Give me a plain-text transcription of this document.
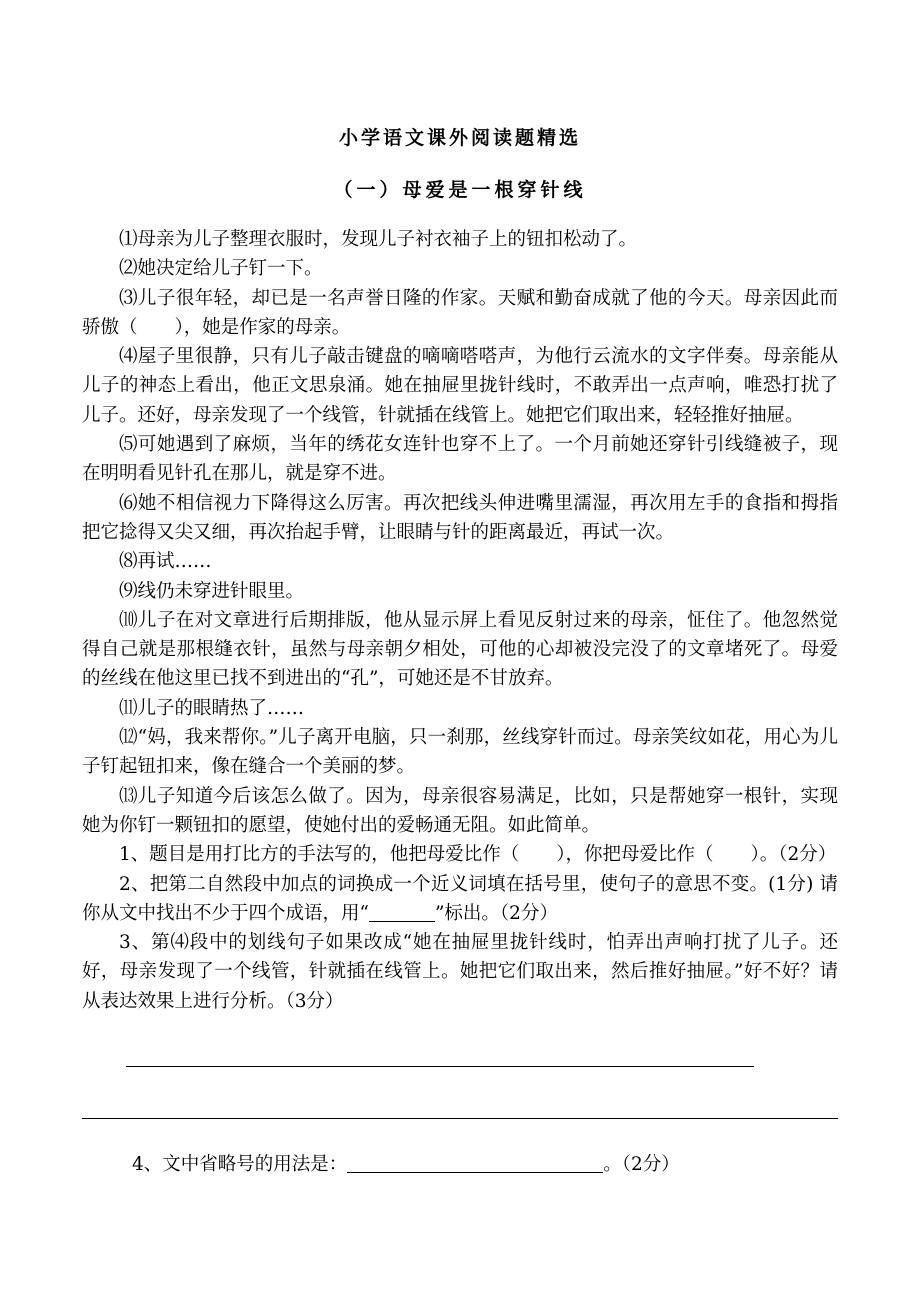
小学语文课外阅读题精选
（一）母爱是一根穿针线

⑴母亲为儿子整理衣服时，发现儿子衬衣袖子上的钮扣松动了。

⑵她决定给儿子钉一下。

⑶儿子很年轻，却已是一名声誉日隆的作家。天赋和勤奋成就了他的今天。母亲因此而骄傲（　　），她是作家的母亲。

⑷屋子里很静，只有儿子敲击键盘的嘀嘀嗒嗒声，为他行云流水的文字伴奏。母亲能从儿子的神态上看出，他正文思泉涌。她在抽屉里拢针线时，不敢弄出一点声响，唯恐打扰了儿子。还好，母亲发现了一个线管，针就插在线管上。她把它们取出来，轻轻推好抽屉。

⑸可她遇到了麻烦，当年的绣花女连针也穿不上了。一个月前她还穿针引线缝被子，现在明明看见针孔在那儿，就是穿不进。

⑹她不相信视力下降得这么厉害。再次把线头伸进嘴里濡湿，再次用左手的食指和拇指把它捻得又尖又细，再次抬起手臂，让眼睛与针的距离最近，再试一次。

⑻再试……

⑼线仍未穿进针眼里。

⑽儿子在对文章进行后期排版，他从显示屏上看见反射过来的母亲，怔住了。他忽然觉得自己就是那根缝衣针，虽然与母亲朝夕相处，可他的心却被没完没了的文章堵死了。母爱的丝线在他这里已找不到进出的“孔”，可她还是不甘放弃。

⑾儿子的眼睛热了……

⑿“妈，我来帮你。”儿子离开电脑，只一刹那，丝线穿针而过。母亲笑纹如花，用心为儿子钉起钮扣来，像在缝合一个美丽的梦。

⒀儿子知道今后该怎么做了。因为，母亲很容易满足，比如，只是帮她穿一根针，实现她为你钉一颗钮扣的愿望，使她付出的爱畅通无阻。如此简单。

1、题目是用打比方的手法写的，他把母爱比作（　　），你把母爱比作（　　）。（2分）

2、把第二自然段中加点的词换成一个近义词填在括号里，使句子的意思不变。(1分) 请你从文中找出不少于四个成语，用“	”标出。（2分）

3、第⑷段中的划线句子如果改成“她在抽屉里拢针线时，怕弄出声响打扰了儿子。还好，母亲发现了一个线管，针就插在线管上。她把它们取出来，然后推好抽屉。”好不好？请从表达效果上进行分析。（3分）

4、文中省略号的用法是：	。（2分）
